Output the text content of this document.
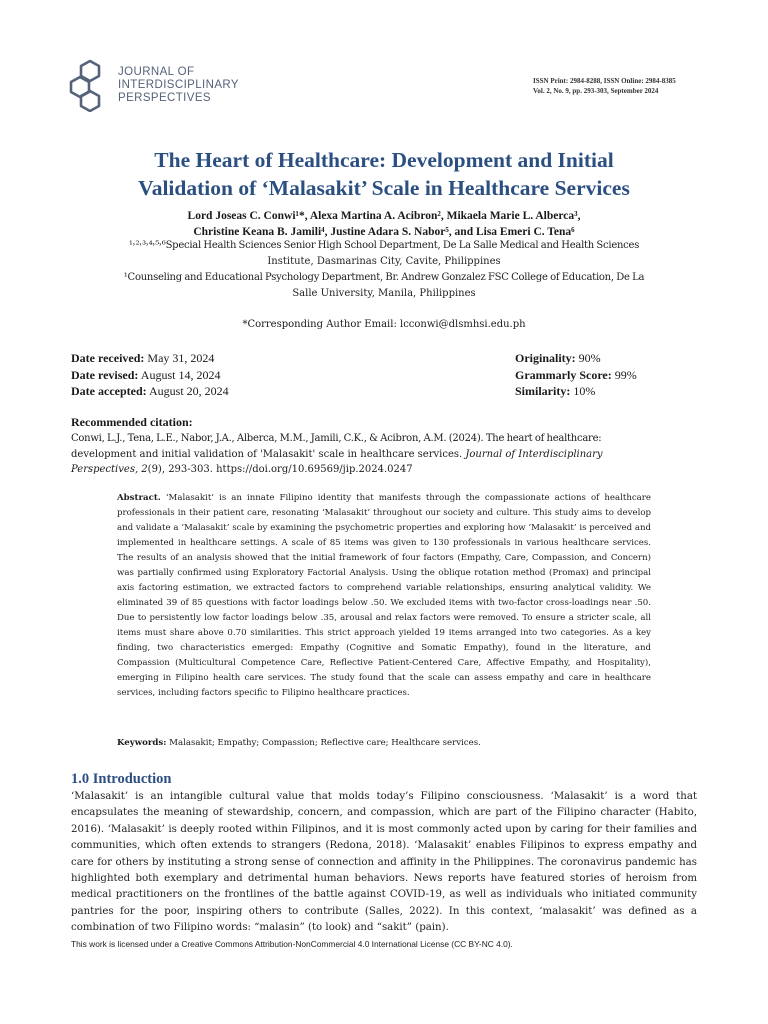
JOURNAL OF
INTERDISCIPLINARY
PERSPECTIVES
ISSN Print: 2984-8288, ISSN Online: 2984-8385
Vol. 2, No. 9, pp. 293-303, September 2024
The Heart of Healthcare: Development and Initial
Validation of ‘Malasakit’ Scale in Healthcare Services
Lord Joseas C. Conwi¹*, Alexa Martina A. Acibron², Mikaela Marie L. Alberca³,
Christine Keana B. Jamili⁴, Justine Adara S. Nabor⁵, and Lisa Emeri C. Tena⁶
¹˒²˒³˒⁴˒⁵˒⁶Special Health Sciences Senior High School Department, De La Salle Medical and Health Sciences
Institute, Dasmarinas City, Cavite, Philippines
¹Counseling and Educational Psychology Department, Br. Andrew Gonzalez FSC College of Education, De La
Salle University, Manila, Philippines
*Corresponding Author Email: lcconwi@dlsmhsi.edu.ph
Date received: May 31, 2024
Date revised: August 14, 2024
Date accepted: August 20, 2024
Originality: 90%
Grammarly Score: 99%
Similarity: 10%
Recommended citation:
Conwi, L.J., Tena, L.E., Nabor, J.A., Alberca, M.M., Jamili, C.K., & Acibron, A.M. (2024). The heart of healthcare:
development and initial validation of 'Malasakit' scale in healthcare services. Journal of Interdisciplinary
Perspectives, 2(9), 293-303. https://doi.org/10.69569/jip.2024.0247
Abstract. ‘Malasakit’ is an innate Filipino identity that manifests through the compassionate actions of healthcare professionals in their patient care, resonating ‘Malasakit’ throughout our society and culture. This study aims to develop and validate a ‘Malasakit’ scale by examining the psychometric properties and exploring how ‘Malasakit’ is perceived and implemented in healthcare settings. A scale of 85 items was given to 130 professionals in various healthcare services. The results of an analysis showed that the initial framework of four factors (Empathy, Care, Compassion, and Concern) was partially confirmed using Exploratory Factorial Analysis. Using the oblique rotation method (Promax) and principal axis factoring estimation, we extracted factors to comprehend variable relationships, ensuring analytical validity. We eliminated 39 of 85 questions with factor loadings below .50. We excluded items with two-factor cross-loadings near .50. Due to persistently low factor loadings below .35, arousal and relax factors were removed. To ensure a stricter scale, all items must share above 0.70 similarities. This strict approach yielded 19 items arranged into two categories. As a key finding, two characteristics emerged: Empathy (Cognitive and Somatic Empathy), found in the literature, and Compassion (Multicultural Competence Care, Reflective Patient-Centered Care, Affective Empathy, and Hospitality), emerging in Filipino health care services. The study found that the scale can assess empathy and care in healthcare services, including factors specific to Filipino healthcare practices.
Keywords: Malasakit; Empathy; Compassion; Reflective care; Healthcare services.
1.0 Introduction
‘Malasakit’ is an intangible cultural value that molds today’s Filipino consciousness. ‘Malasakit’ is a word that encapsulates the meaning of stewardship, concern, and compassion, which are part of the Filipino character (Habito, 2016). ‘Malasakit’ is deeply rooted within Filipinos, and it is most commonly acted upon by caring for their families and communities, which often extends to strangers (Redona, 2018). ‘Malasakit’ enables Filipinos to express empathy and care for others by instituting a strong sense of connection and affinity in the Philippines. The coronavirus pandemic has highlighted both exemplary and detrimental human behaviors. News reports have featured stories of heroism from medical practitioners on the frontlines of the battle against COVID-19, as well as individuals who initiated community pantries for the poor, inspiring others to contribute (Salles, 2022). In this context, ‘malasakit’ was defined as a combination of two Filipino words: “malasin” (to look) and “sakit” (pain).
This work is licensed under a Creative Commons Attribution-NonCommercial 4.0 International License (CC BY-NC 4.0).
